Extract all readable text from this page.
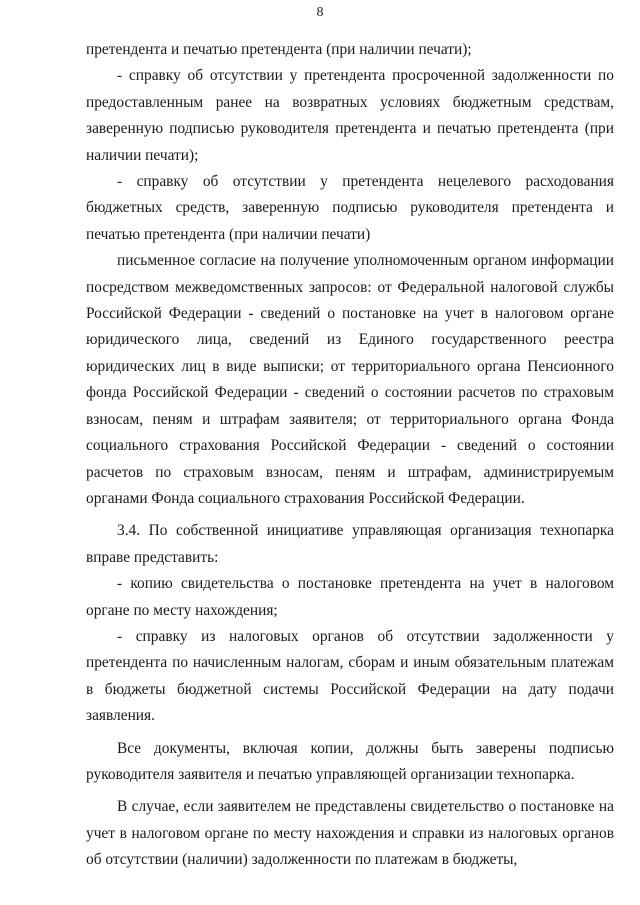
8

претендента и печатью претендента (при наличии печати);

- справку об отсутствии у претендента просроченной задолженности по предоставленным ранее на возвратных условиях бюджетным средствам, заверенную подписью руководителя претендента и печатью претендента (при наличии печати);

- справку об отсутствии у претендента нецелевого расходования бюджетных средств, заверенную подписью руководителя претендента и печатью претендента (при наличии печати)

письменное согласие на получение уполномоченным органом информации посредством межведомственных запросов: от Федеральной налоговой службы Российской Федерации - сведений о постановке на учет в налоговом органе юридического лица, сведений из Единого государственного реестра юридических лиц в виде выписки; от территориального органа Пенсионного фонда Российской Федерации - сведений о состоянии расчетов по страховым взносам, пеням и штрафам заявителя; от территориального органа Фонда социального страхования Российской Федерации - сведений о состоянии расчетов по страховым взносам, пеням и штрафам, администрируемым органами Фонда социального страхования Российской Федерации.

3.4. По собственной инициативе управляющая организация технопарка вправе представить:

- копию свидетельства о постановке претендента на учет в налоговом органе по месту нахождения;

- справку из налоговых органов об отсутствии задолженности у претендента по начисленным налогам, сборам и иным обязательным платежам в бюджеты бюджетной системы Российской Федерации на дату подачи заявления.

Все документы, включая копии, должны быть заверены подписью руководителя заявителя и печатью управляющей организации технопарка.

В случае, если заявителем не представлены свидетельство о постановке на учет в налоговом органе по месту нахождения и справки из налоговых органов об отсутствии (наличии) задолженности по платежам в бюджеты,
